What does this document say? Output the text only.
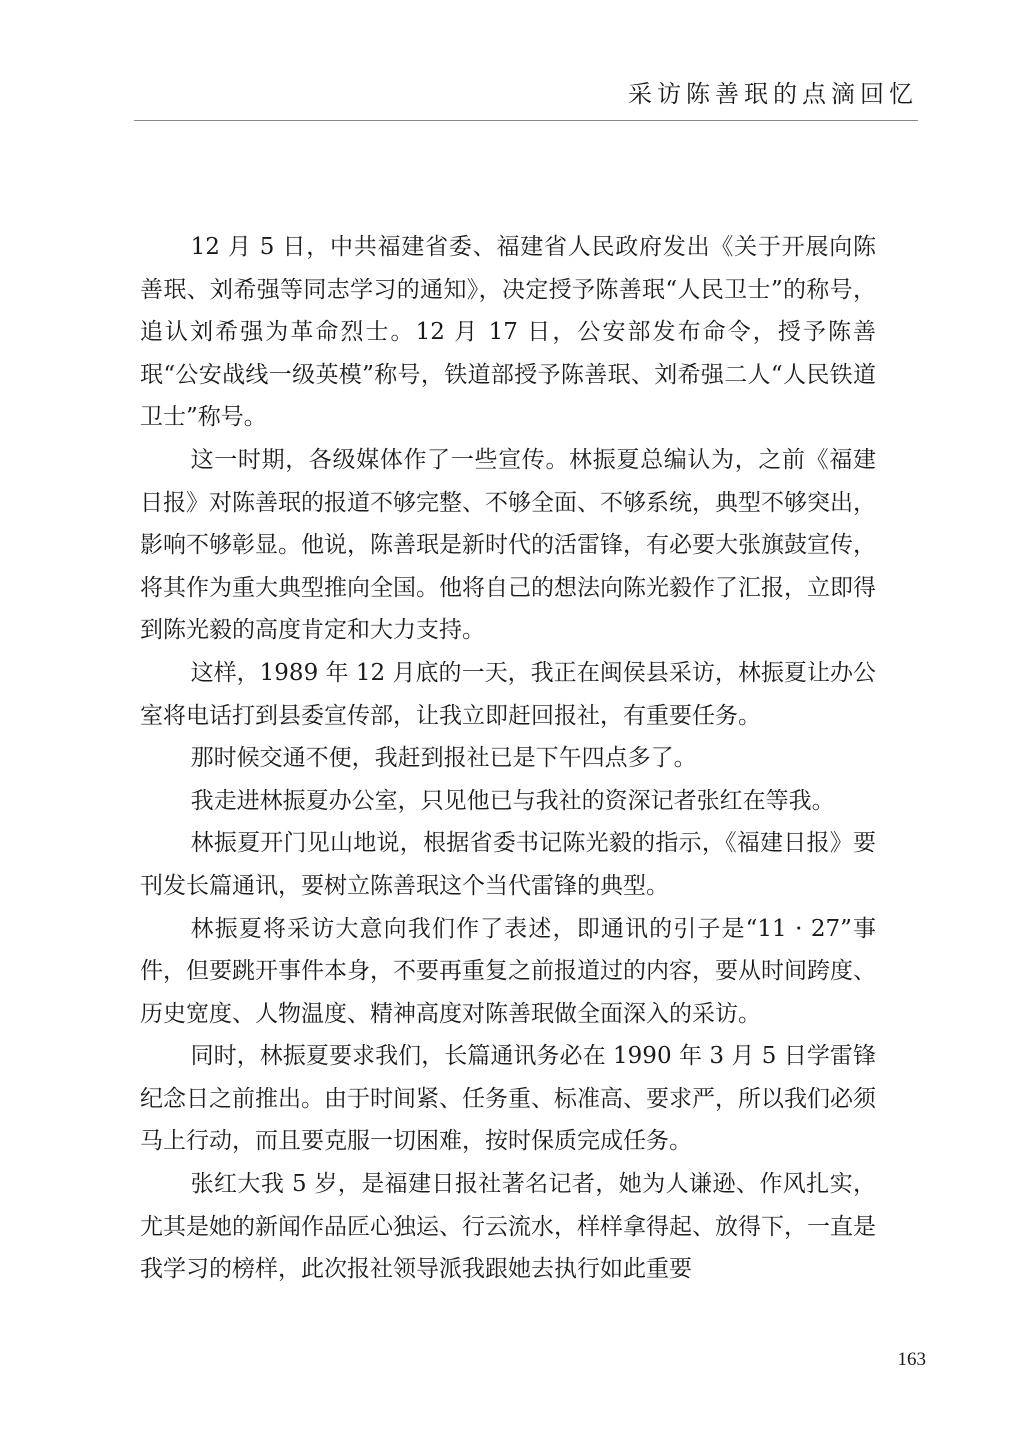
采访陈善珉的点滴回忆

12 月 5 日，中共福建省委、福建省人民政府发出《关于开展向陈善珉、刘希强等同志学习的通知》，决定授予陈善珉“人民卫士”的称号，追认刘希强为革命烈士。12 月 17 日，公安部发布命令，授予陈善珉“公安战线一级英模”称号，铁道部授予陈善珉、刘希强二人“人民铁道卫士”称号。

这一时期，各级媒体作了一些宣传。林振夏总编认为，之前《福建日报》对陈善珉的报道不够完整、不够全面、不够系统，典型不够突出，影响不够彰显。他说，陈善珉是新时代的活雷锋，有必要大张旗鼓宣传，将其作为重大典型推向全国。他将自己的想法向陈光毅作了汇报，立即得到陈光毅的高度肯定和大力支持。

这样，1989 年 12 月底的一天，我正在闽侯县采访，林振夏让办公室将电话打到县委宣传部，让我立即赶回报社，有重要任务。

那时候交通不便，我赶到报社已是下午四点多了。

我走进林振夏办公室，只见他已与我社的资深记者张红在等我。

林振夏开门见山地说，根据省委书记陈光毅的指示，《福建日报》要刊发长篇通讯，要树立陈善珉这个当代雷锋的典型。

林振夏将采访大意向我们作了表述，即通讯的引子是“11 · 27”事件，但要跳开事件本身，不要再重复之前报道过的内容，要从时间跨度、历史宽度、人物温度、精神高度对陈善珉做全面深入的采访。

同时，林振夏要求我们，长篇通讯务必在 1990 年 3 月 5 日学雷锋纪念日之前推出。由于时间紧、任务重、标准高、要求严，所以我们必须马上行动，而且要克服一切困难，按时保质完成任务。

张红大我 5 岁，是福建日报社著名记者，她为人谦逊、作风扎实，尤其是她的新闻作品匠心独运、行云流水，样样拿得起、放得下，一直是我学习的榜样，此次报社领导派我跟她去执行如此重要

163
